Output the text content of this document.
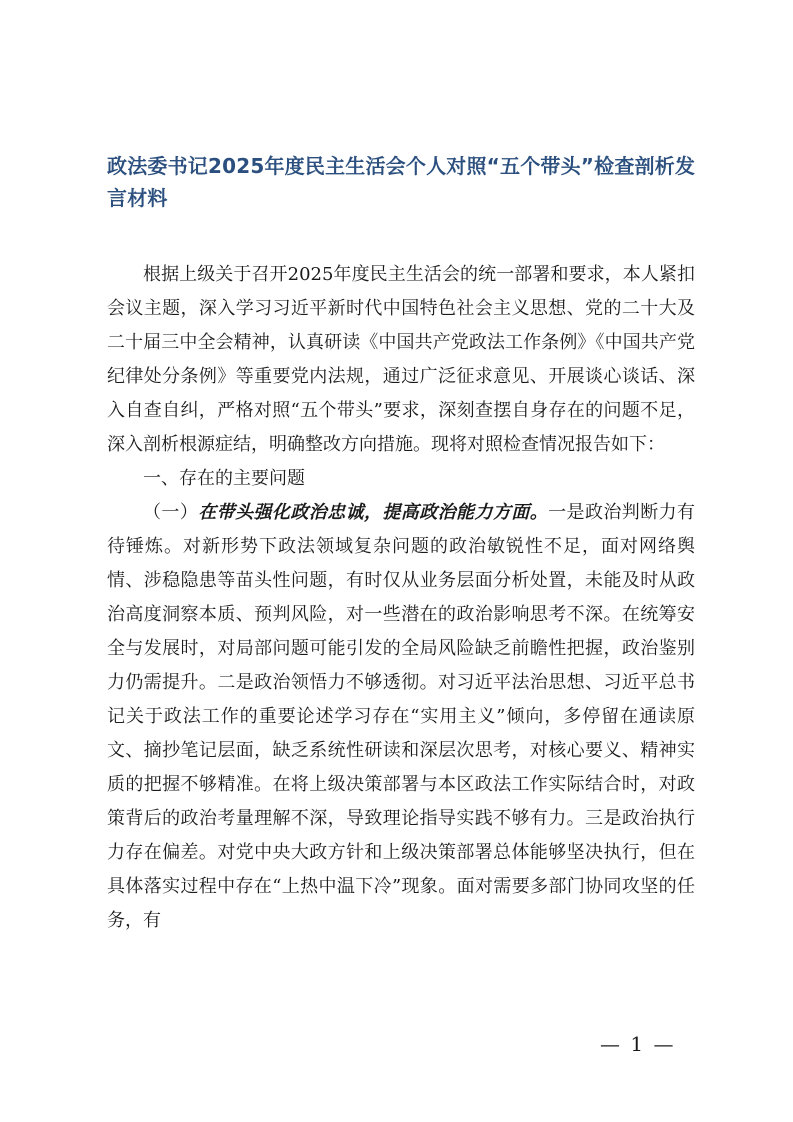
政法委书记2025年度民主生活会个人对照“五个带头”检查剖析发言材料

根据上级关于召开2025年度民主生活会的统一部署和要求，本人紧扣会议主题，深入学习习近平新时代中国特色社会主义思想、党的二十大及二十届三中全会精神，认真研读《中国共产党政法工作条例》《中国共产党纪律处分条例》等重要党内法规，通过广泛征求意见、开展谈心谈话、深入自查自纠，严格对照“五个带头”要求，深刻查摆自身存在的问题不足，深入剖析根源症结，明确整改方向措施。现将对照检查情况报告如下：

一、存在的主要问题

（一）在带头强化政治忠诚，提高政治能力方面。一是政治判断力有待锤炼。对新形势下政法领域复杂问题的政治敏锐性不足，面对网络舆情、涉稳隐患等苗头性问题，有时仅从业务层面分析处置，未能及时从政治高度洞察本质、预判风险，对一些潜在的政治影响思考不深。在统筹安全与发展时，对局部问题可能引发的全局风险缺乏前瞻性把握，政治鉴别力仍需提升。二是政治领悟力不够透彻。对习近平法治思想、习近平总书记关于政法工作的重要论述学习存在“实用主义”倾向，多停留在通读原文、摘抄笔记层面，缺乏系统性研读和深层次思考，对核心要义、精神实质的把握不够精准。在将上级决策部署与本区政法工作实际结合时，对政策背后的政治考量理解不深，导致理论指导实践不够有力。三是政治执行力存在偏差。对党中央大政方针和上级决策部署总体能够坚决执行，但在具体落实过程中存在“上热中温下冷”现象。面对需要多部门协同攻坚的任务，有

— 1 —
